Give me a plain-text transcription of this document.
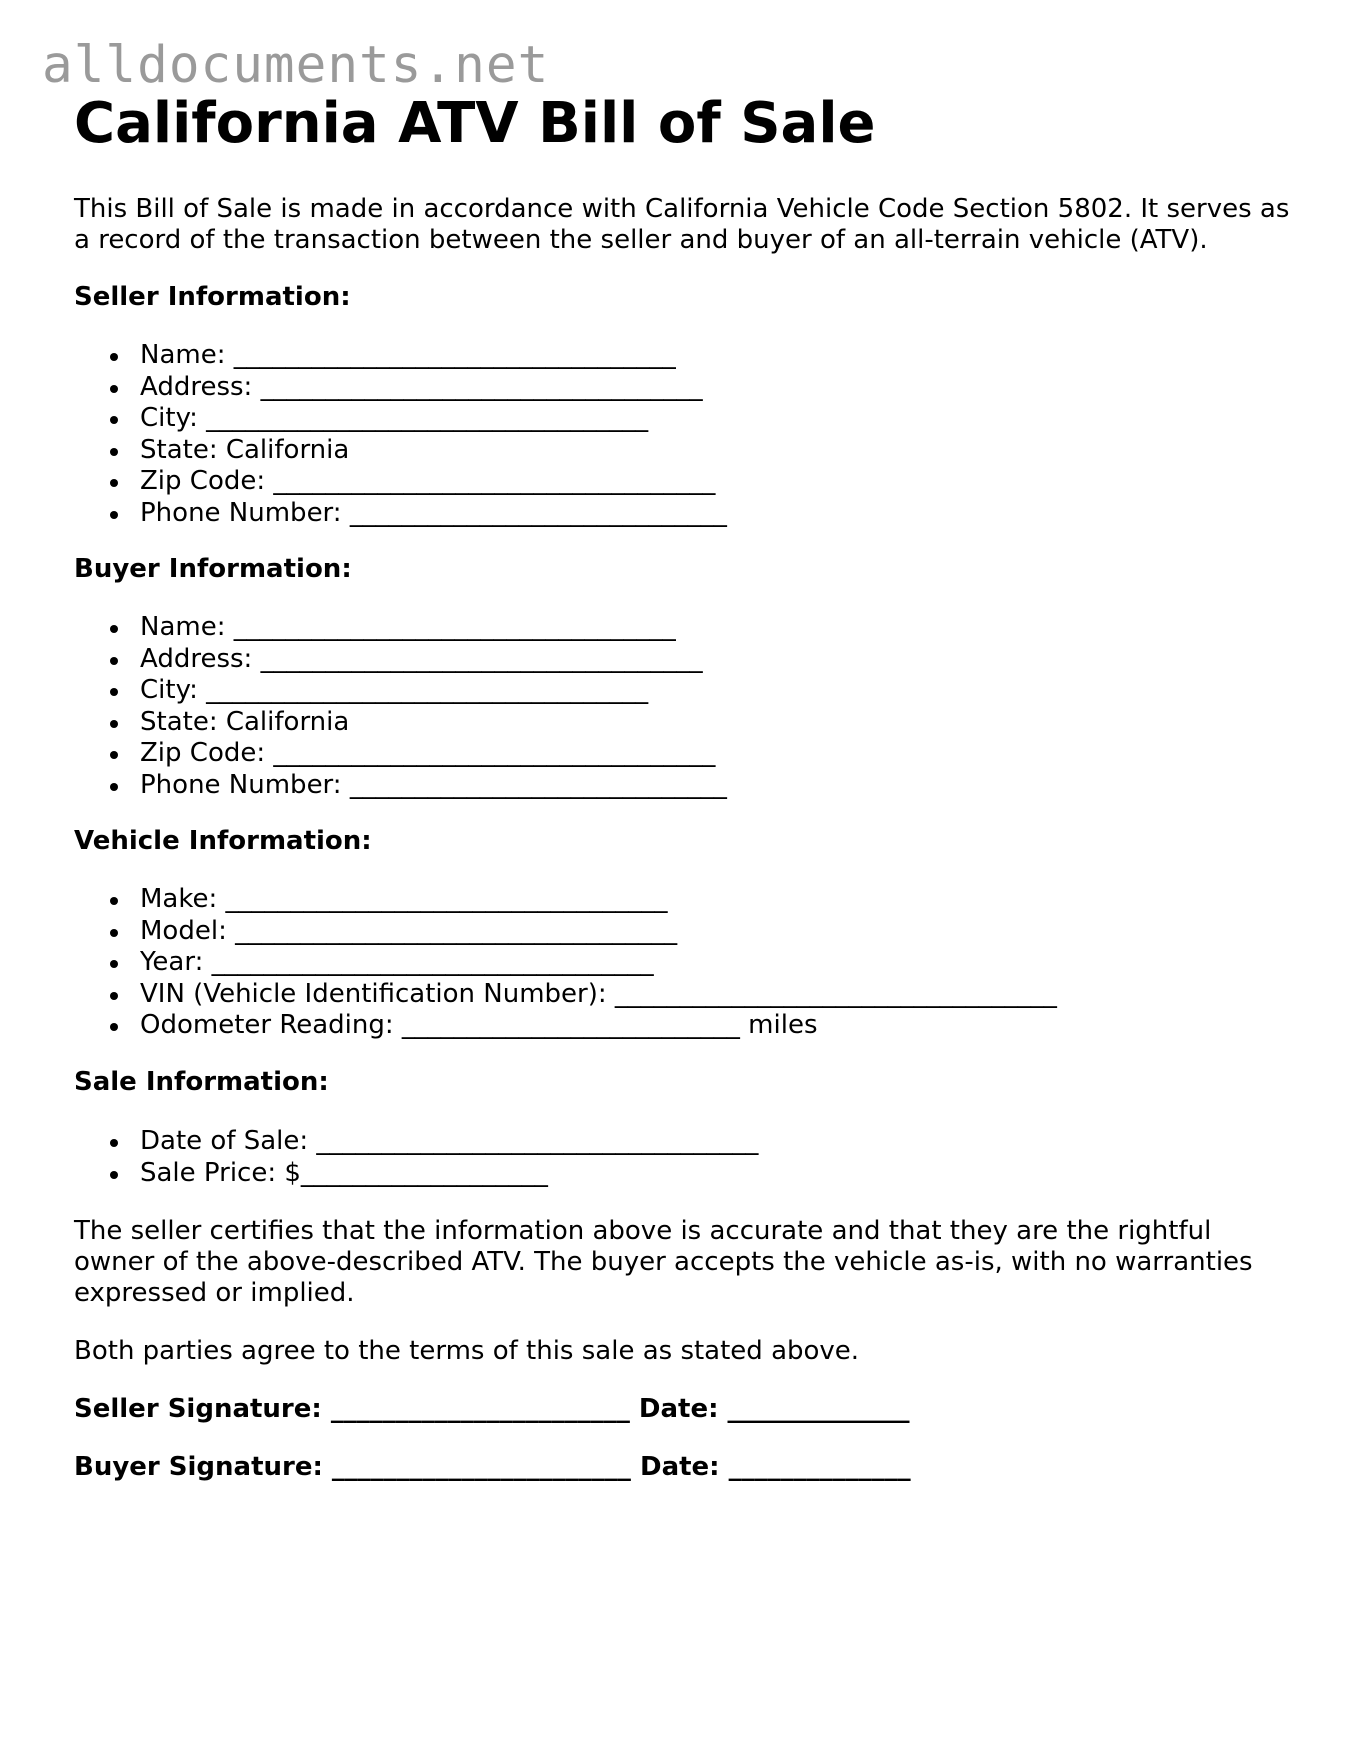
alldocuments.net
California ATV Bill of Sale

This Bill of Sale is made in accordance with California Vehicle Code Section 5802. It serves as a record of the transaction between the seller and buyer of an all-terrain vehicle (ATV).

Seller Information:

Name: __________________________________
Address: __________________________________
City: __________________________________
State: California
Zip Code: __________________________________
Phone Number: _____________________________

Buyer Information:

Name: __________________________________
Address: __________________________________
City: __________________________________
State: California
Zip Code: __________________________________
Phone Number: _____________________________

Vehicle Information:

Make: __________________________________
Model: __________________________________
Year: __________________________________
VIN (Vehicle Identification Number): __________________________________
Odometer Reading: __________________________ miles

Sale Information:

Date of Sale: __________________________________
Sale Price: $___________________

The seller certifies that the information above is accurate and that they are the rightful owner of the above-described ATV. The buyer accepts the vehicle as-is, with no warranties expressed or implied.

Both parties agree to the terms of this sale as stated above.

Seller Signature: _______________________ Date: ______________

Buyer Signature: _______________________ Date: ______________
